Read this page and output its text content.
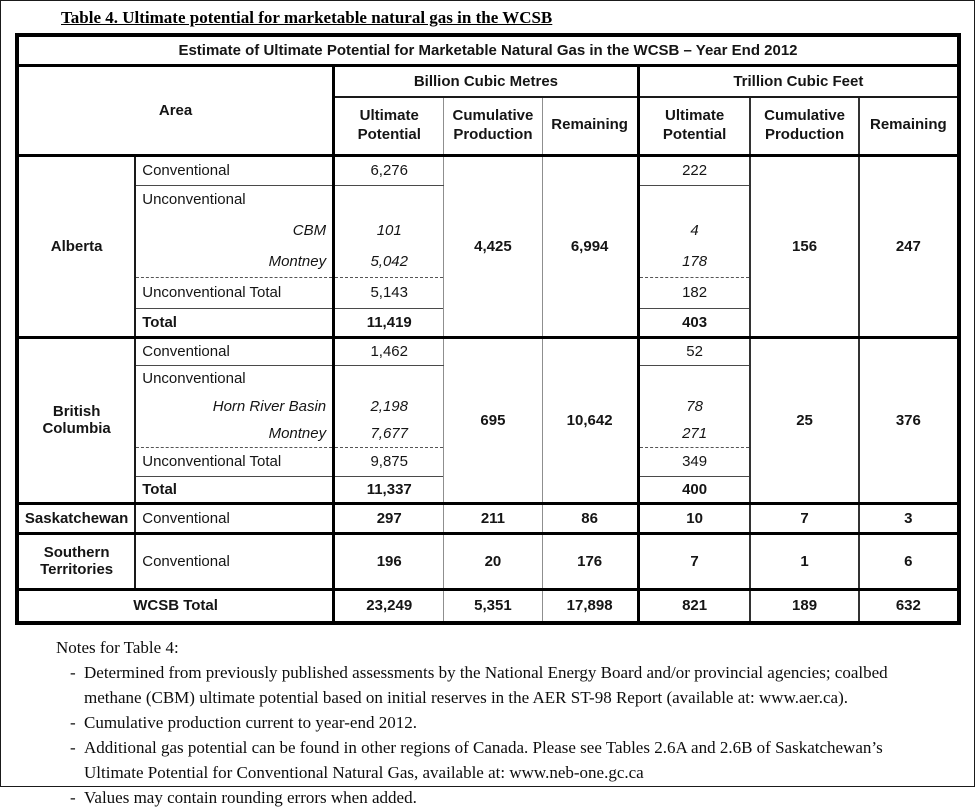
Table 4. Ultimate potential for marketable natural gas in the WCSB
Estimate of Ultimate Potential for Marketable Natural Gas in the WCSB – Year End 2012							
Area		Billion Cubic Metres			Trillion Cubic Feet		
		Ultimate Potential	Cumulative Production	Remaining	Ultimate Potential	Cumulative Production	Remaining
Alberta	Conventional	6,276	4,425	6,994	222	156	247
	Unconventional						
	CBM	101			4		
	Montney	5,042			178		
	Unconventional Total	5,143			182		
	Total	11,419			403		
British Columbia	Conventional	1,462	695	10,642	52	25	376
	Unconventional						
	Horn River Basin	2,198			78		
	Montney	7,677			271		
	Unconventional Total	9,875			349		
	Total	11,337			400		
Saskatchewan	Conventional	297	211	86	10	7	3
Southern Territories	Conventional	196	20	176	7	1	6
WCSB Total		23,249	5,351	17,898	821	189	632
Notes for Table 4:
- Determined from previously published assessments by the National Energy Board and/or provincial agencies; coalbed methane (CBM) ultimate potential based on initial reserves in the AER ST-98 Report (available at: www.aer.ca).
- Cumulative production current to year-end 2012.
- Additional gas potential can be found in other regions of Canada. Please see Tables 2.6A and 2.6B of Saskatchewan’s Ultimate Potential for Conventional Natural Gas, available at: www.neb-one.gc.ca
- Values may contain rounding errors when added.
